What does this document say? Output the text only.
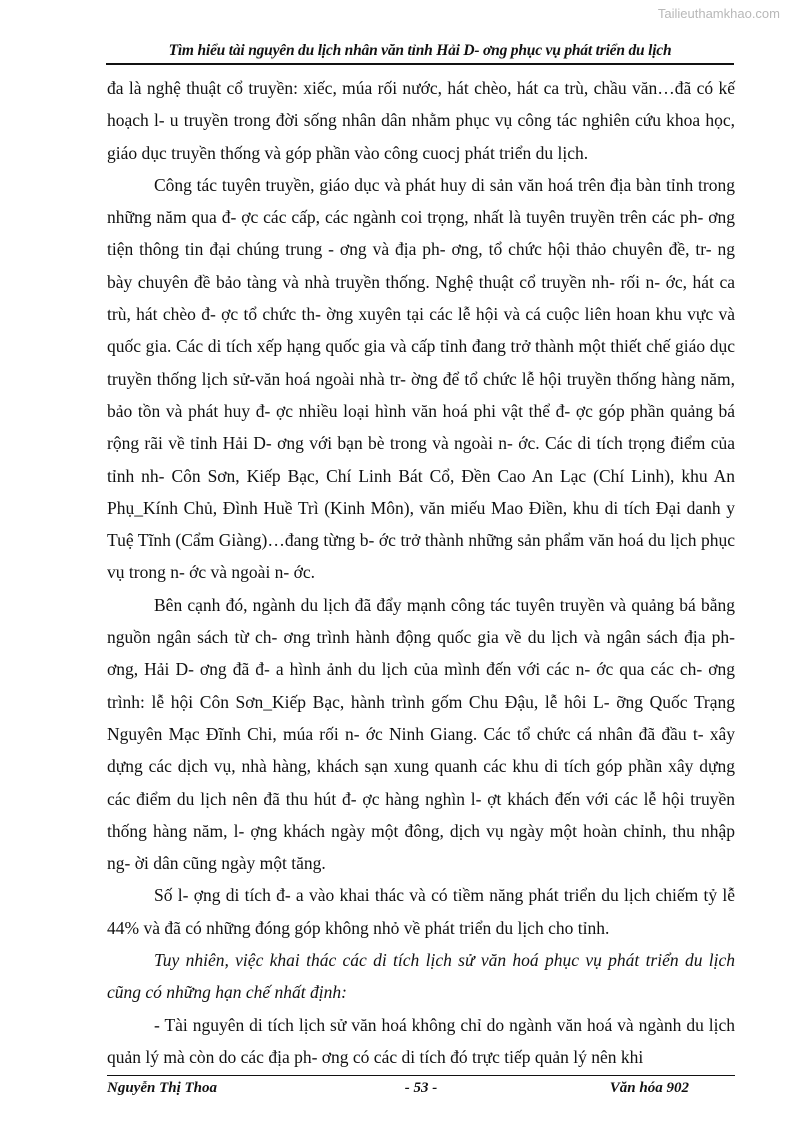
Tailieuthamkhao.com
Tìm hiểu tài nguyên du lịch nhân văn tỉnh Hải D- ơng phục vụ phát triển du lịch

đa là nghệ thuật cổ truyền: xiếc, múa rối nước, hát chèo, hát ca trù, chầu văn…đã có kế hoạch l- u truyền trong đời sống nhân dân nhằm phục vụ công tác nghiên cứu khoa học, giáo dục truyền thống và góp phần vào công cuocj phát triển du lịch.

Công tác tuyên truyền, giáo dục và phát huy di sản văn hoá trên địa bàn tỉnh trong những năm qua đ- ợc các cấp, các ngành coi trọng, nhất là tuyên truyền trên các ph- ơng tiện thông tin đại chúng trung - ơng và địa ph- ơng, tổ chức hội thảo chuyên đề, tr- ng bày chuyên đề bảo tàng và nhà truyền thống. Nghệ thuật cổ truyền nh- rối n- ớc, hát ca trù, hát chèo đ- ợc tổ chức th- ờng xuyên tại các lễ hội và cá cuộc liên hoan khu vực và quốc gia. Các di tích xếp hạng quốc gia và cấp tỉnh đang trở thành một thiết chế giáo dục truyền thống lịch sử-văn hoá ngoài nhà tr- ờng để tổ chức lễ hội truyền thống hàng năm, bảo tồn và phát huy đ- ợc nhiều loại hình văn hoá phi vật thể đ- ợc góp phần quảng bá rộng rãi về tỉnh Hải D- ơng với bạn bè trong và ngoài n- ớc. Các di tích trọng điểm của tỉnh nh- Côn Sơn, Kiếp Bạc, Chí Linh Bát Cổ, Đền Cao An Lạc (Chí Linh), khu An Phụ_Kính Chủ, Đình Huề Trì (Kinh Môn), văn miếu Mao Điền, khu di tích Đại danh y Tuệ Tĩnh (Cẩm Giàng)…đang từng b- ớc trở thành những sản phẩm văn hoá du lịch phục vụ trong n- ớc và ngoài n- ớc.

Bên cạnh đó, ngành du lịch đã đẩy mạnh công tác tuyên truyền và quảng bá bằng nguồn ngân sách từ ch- ơng trình hành động quốc gia về du lịch và ngân sách địa ph- ơng, Hải D- ơng đã đ- a hình ảnh du lịch của mình đến với các n- ớc qua các ch- ơng trình: lễ hội Côn Sơn_Kiếp Bạc, hành trình gốm Chu Đậu, lễ hôi L- ỡng Quốc Trạng Nguyên Mạc Đĩnh Chi, múa rối n- ớc Ninh Giang. Các tổ chức cá nhân đã đầu t- xây dựng các dịch vụ, nhà hàng, khách sạn xung quanh các khu di tích góp phần xây dựng các điểm du lịch nên đã thu hút đ- ợc hàng nghìn l- ợt khách đến với các lễ hội truyền thống hàng năm, l- ợng khách ngày một đông, dịch vụ ngày một hoàn chỉnh, thu nhập ng- ời dân cũng ngày một tăng.

Số l- ợng di tích đ- a vào khai thác và có tiềm năng phát triển du lịch chiếm tỷ lễ 44% và đã có những đóng góp không nhỏ về phát triển du lịch cho tỉnh.

Tuy nhiên, việc khai thác các di tích lịch sử văn hoá phục vụ phát triển du lịch cũng có những hạn chế nhất định:

- Tài nguyên di tích lịch sử văn hoá không chỉ do ngành văn hoá và ngành du lịch quản lý mà còn do các địa ph- ơng có các di tích đó trực tiếp quản lý nên khi

Nguyễn Thị Thoa	- 53 -	Văn hóa 902
